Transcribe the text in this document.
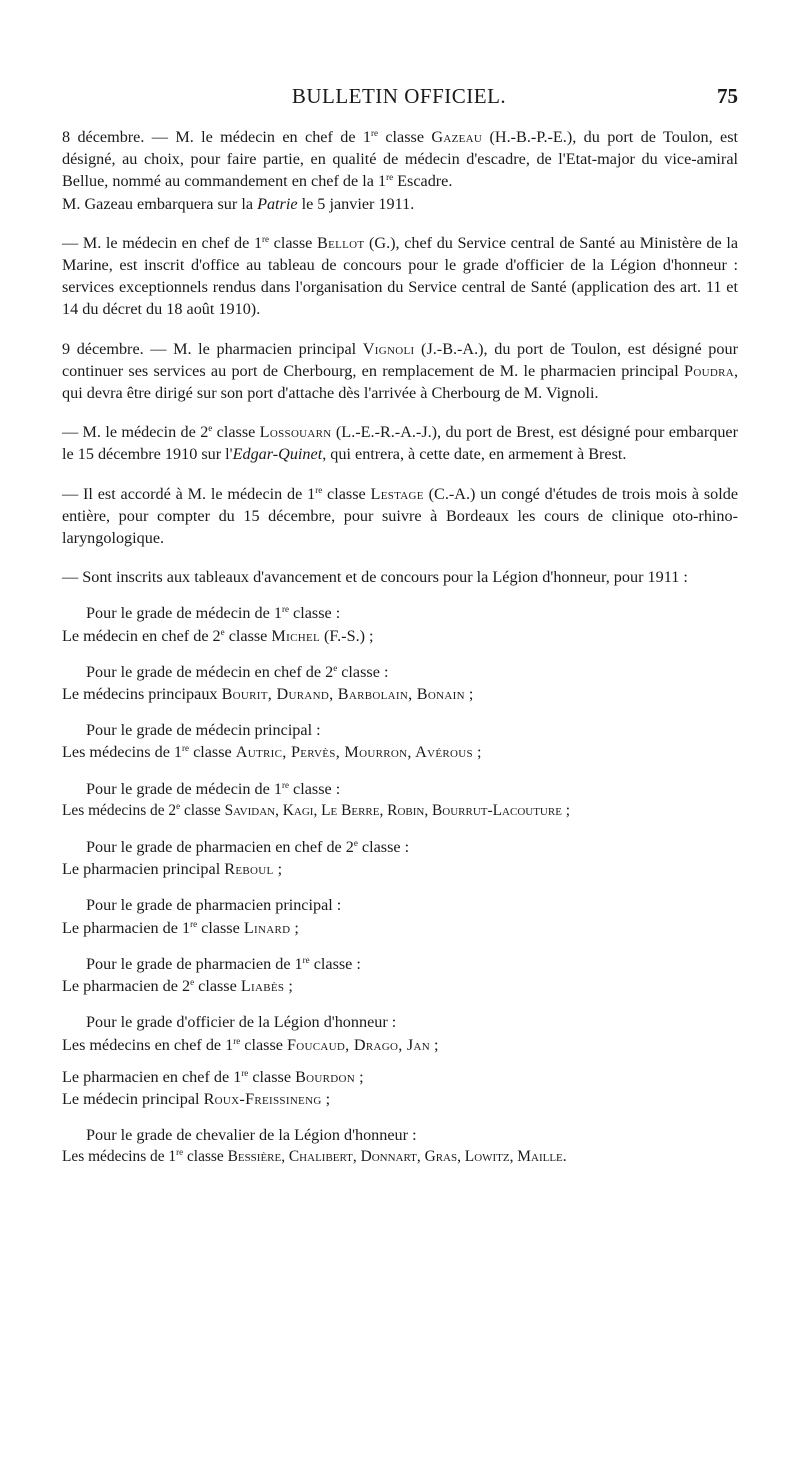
BULLETIN OFFICIEL.	75

8 décembre. — M. le médecin en chef de 1re classe Gazeau (H.-B.-P.-E.), du port de Toulon, est désigné, au choix, pour faire partie, en qualité de médecin d'escadre, de l'Etat-major du vice-amiral Bellue, nommé au commandement en chef de la 1re Escadre.

M. Gazeau embarquera sur la Patrie le 5 janvier 1911.

— M. le médecin en chef de 1re classe Bellot (G.), chef du Service central de Santé au Ministère de la Marine, est inscrit d'office au tableau de concours pour le grade d'officier de la Légion d'honneur : services exceptionnels rendus dans l'organisation du Service central de Santé (application des art. 11 et 14 du décret du 18 août 1910).

9 décembre. — M. le pharmacien principal Vignoli (J.-B.-A.), du port de Toulon, est désigné pour continuer ses services au port de Cherbourg, en remplacement de M. le pharmacien principal Poudra, qui devra être dirigé sur son port d'attache dès l'arrivée à Cherbourg de M. Vignoli.

— M. le médecin de 2e classe Lossouarn (L.-E.-R.-A.-J.), du port de Brest, est désigné pour embarquer le 15 décembre 1910 sur l'Edgar-Quinet, qui entrera, à cette date, en armement à Brest.

— Il est accordé à M. le médecin de 1re classe Lestage (C.-A.) un congé d'études de trois mois à solde entière, pour compter du 15 décembre, pour suivre à Bordeaux les cours de clinique oto-rhino-laryngologique.

— Sont inscrits aux tableaux d'avancement et de concours pour la Légion d'honneur, pour 1911 :

Pour le grade de médecin de 1re classe :

Le médecin en chef de 2e classe Michel (F.-S.) ;

Pour le grade de médecin en chef de 2e classe :

Le médecins principaux Bourit, Durand, Barbolain, Bonain ;

Pour le grade de médecin principal :

Les médecins de 1re classe Autric, Pervès, Mourron, Avérous ;

Pour le grade de médecin de 1re classe :

Les médecins de 2e classe Savidan, Kagi, Le Berre, Robin, Bourrut-Lacouture ;

Pour le grade de pharmacien en chef de 2e classe :

Le pharmacien principal Reboul ;

Pour le grade de pharmacien principal :

Le pharmacien de 1re classe Linard ;

Pour le grade de pharmacien de 1re classe :

Le pharmacien de 2e classe Liabès ;

Pour le grade d'officier de la Légion d'honneur :

Les médecins en chef de 1re classe Foucaud, Drago, Jan ;

Le pharmacien en chef de 1re classe Bourdon ;

Le médecin principal Roux-Freissineng ;

Pour le grade de chevalier de la Légion d'honneur :

Les médecins de 1re classe Bessière, Chalibert, Donnart, Gras, Lowitz, Maille.
